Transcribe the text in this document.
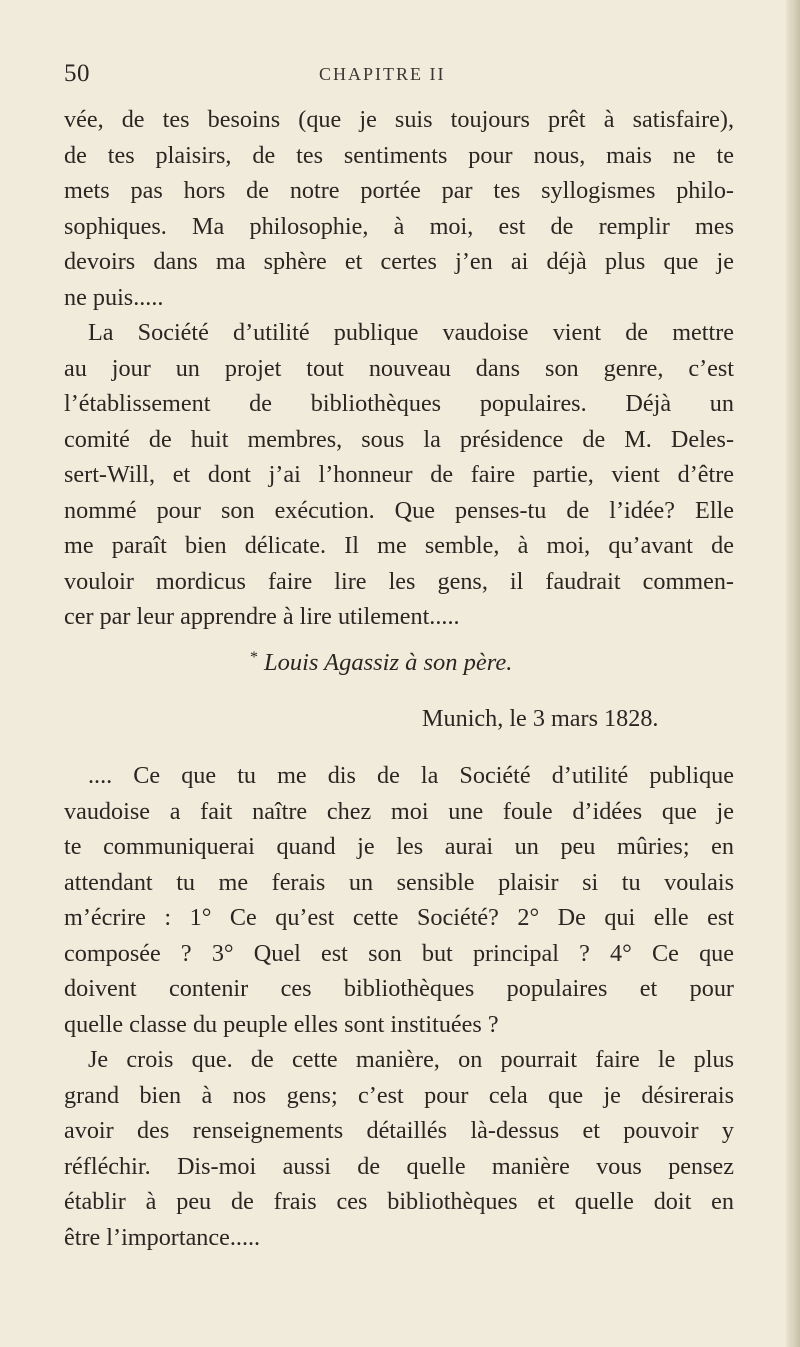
50	CHAPITRE II
vée, de tes besoins (que je suis toujours prêt à satisfaire),
de tes plaisirs, de tes sentiments pour nous, mais ne te
mets pas hors de notre portée par tes syllogismes philo-
sophiques. Ma philosophie, à moi, est de remplir mes
devoirs dans ma sphère et certes j’en ai déjà plus que je
ne puis.....
La Société d’utilité publique vaudoise vient de mettre
au jour un projet tout nouveau dans son genre, c’est
l’établissement de bibliothèques populaires. Déjà un
comité de huit membres, sous la présidence de M. Deles-
sert-Will, et dont j’ai l’honneur de faire partie, vient d’être
nommé pour son exécution. Que penses-tu de l’idée? Elle
me paraît bien délicate. Il me semble, à moi, qu’avant de
vouloir mordicus faire lire les gens, il faudrait commen-
cer par leur apprendre à lire utilement.....
* Louis Agassiz à son père.
Munich, le 3 mars 1828.
.... Ce que tu me dis de la Société d’utilité publique
vaudoise a fait naître chez moi une foule d’idées que je
te communiquerai quand je les aurai un peu mûries; en
attendant tu me ferais un sensible plaisir si tu voulais
m’écrire : 1° Ce qu’est cette Société? 2° De qui elle est
composée ? 3° Quel est son but principal ? 4° Ce que
doivent contenir ces bibliothèques populaires et pour
quelle classe du peuple elles sont instituées ?
Je crois que. de cette manière, on pourrait faire le plus
grand bien à nos gens; c’est pour cela que je désirerais
avoir des renseignements détaillés là-dessus et pouvoir y
réfléchir. Dis-moi aussi de quelle manière vous pensez
établir à peu de frais ces bibliothèques et quelle doit en
être l’importance.....
